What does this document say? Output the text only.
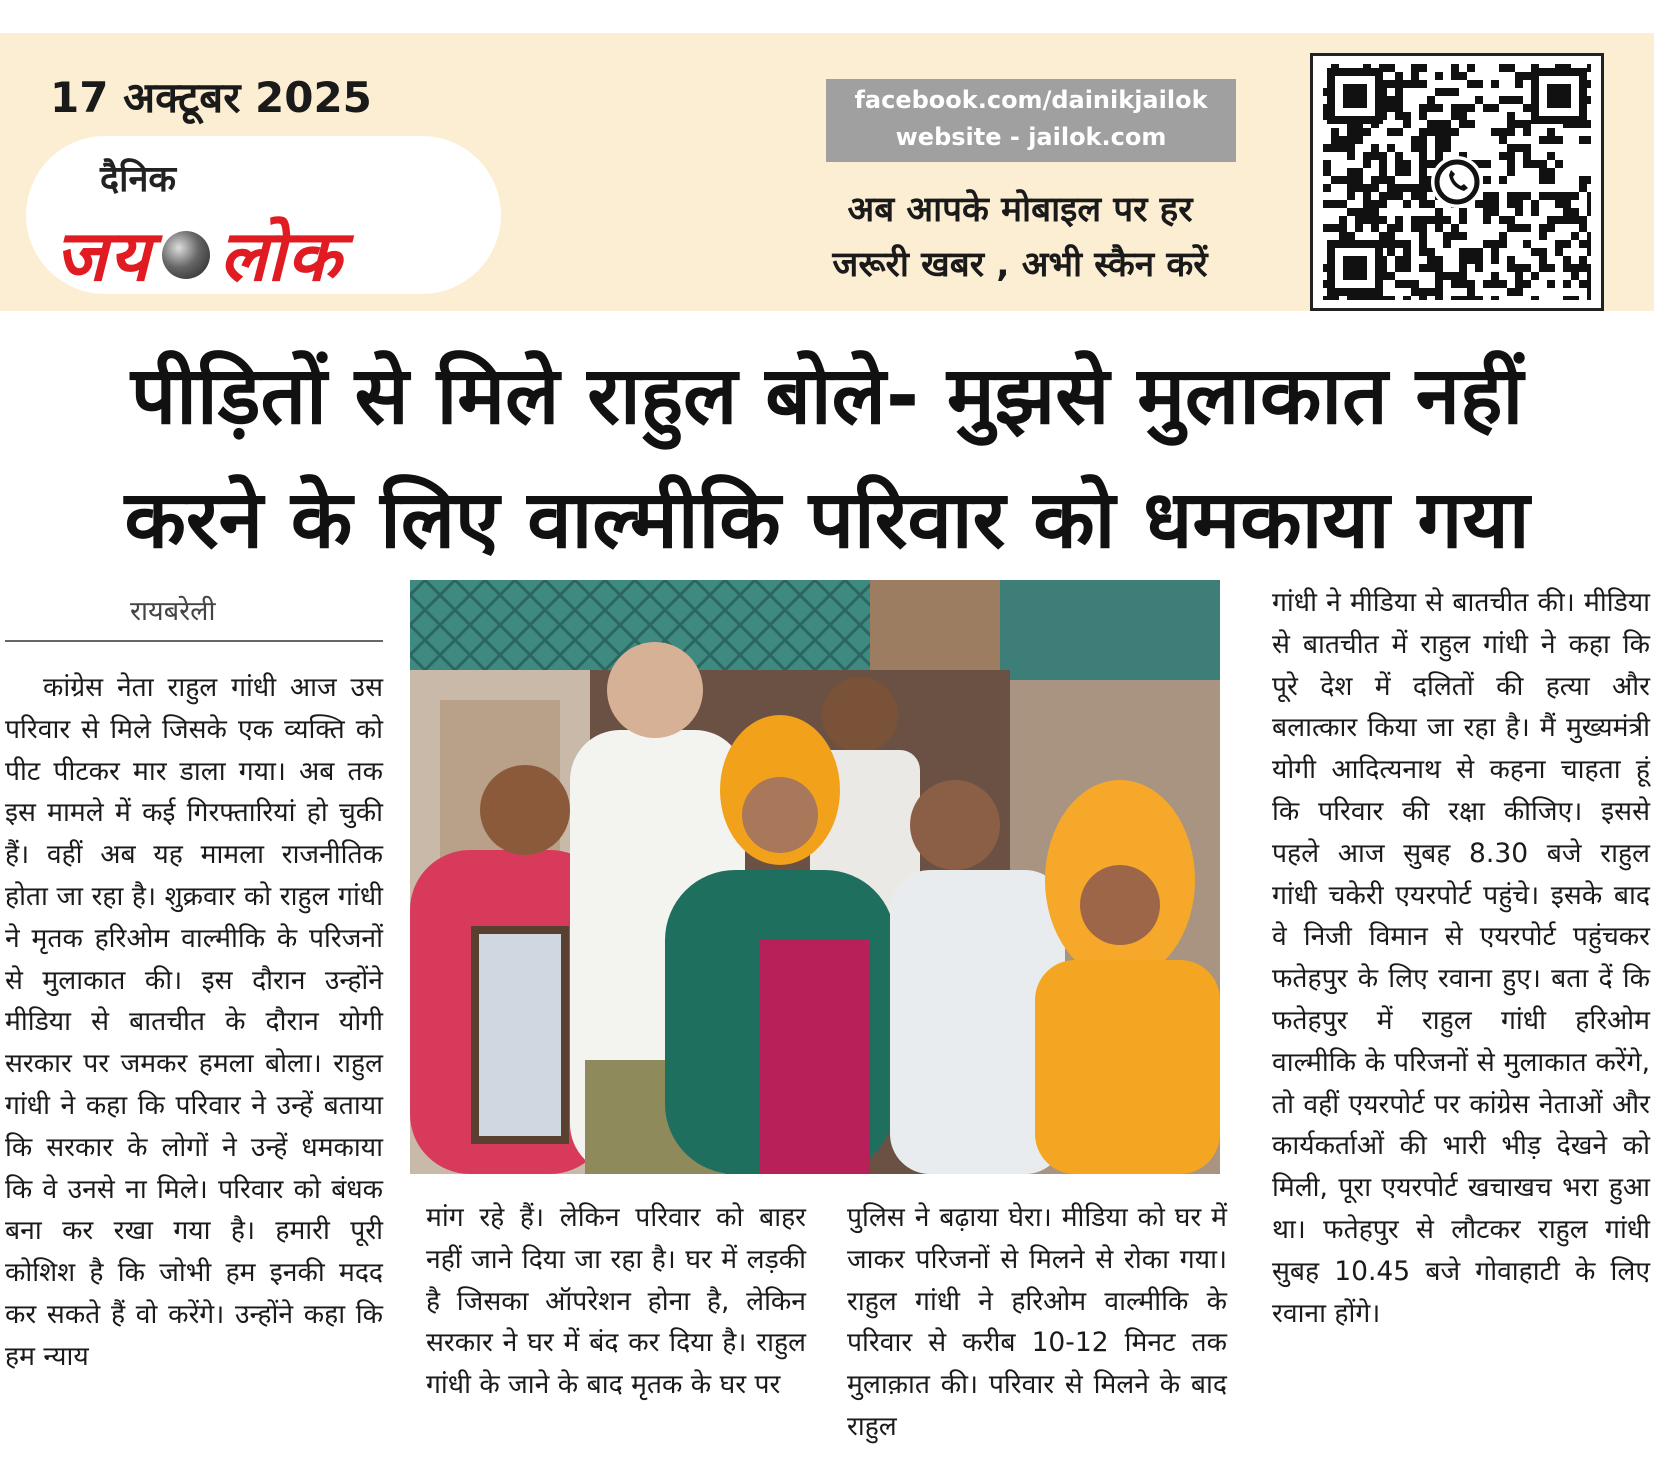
17 अक्टूबर 2025
दैनिक
जय लोक
facebook.com/dainikjailok
website - jailok.com
अब आपके मोबाइल पर हर
जरूरी खबर , अभी स्कैन करें
पीड़ितों से मिले राहुल बोले- मुझसे मुलाकात नहीं
करने के लिए वाल्मीकि परिवार को धमकाया गया
रायबरेली
कांग्रेस नेता राहुल गांधी आज उस परिवार से मिले जिसके एक व्यक्ति को पीट पीटकर मार डाला गया। अब तक इस मामले में कई गिरफ्तारियां हो चुकी हैं। वहीं अब यह मामला राजनीतिक होता जा रहा है। शुक्रवार को राहुल गांधी ने मृतक हरिओम वाल्मीकि के परिजनों से मुलाकात की। इस दौरान उन्होंने मीडिया से बातचीत के दौरान योगी सरकार पर जमकर हमला बोला। राहुल गांधी ने कहा कि परिवार ने उन्हें बताया कि सरकार के लोगों ने उन्हें धमकाया कि वे उनसे ना मिले। परिवार को बंधक बना कर रखा गया है। हमारी पूरी कोशिश है कि जोभी हम इनकी मदद कर सकते हैं वो करेंगे। उन्होंने कहा कि हम न्याय
मांग रहे हैं। लेकिन परिवार को बाहर नहीं जाने दिया जा रहा है। घर में लड़की है जिसका ऑपरेशन होना है, लेकिन सरकार ने घर में बंद कर दिया है। राहुल गांधी के जाने के बाद मृतक के घर पर
पुलिस ने बढ़ाया घेरा। मीडिया को घर में जाकर परिजनों से मिलने से रोका गया। राहुल गांधी ने हरिओम वाल्मीकि के परिवार से करीब 10-12 मिनट तक मुलाक़ात की। परिवार से मिलने के बाद राहुल
गांधी ने मीडिया से बातचीत की। मीडिया से बातचीत में राहुल गांधी ने कहा कि पूरे देश में दलितों की हत्या और बलात्कार किया जा रहा है। मैं मुख्यमंत्री योगी आदित्यनाथ से कहना चाहता हूं कि परिवार की रक्षा कीजिए। इससे पहले आज सुबह 8.30 बजे राहुल गांधी चकेरी एयरपोर्ट पहुंचे। इसके बाद वे निजी विमान से एयरपोर्ट पहुंचकर फतेहपुर के लिए रवाना हुए। बता दें कि फतेहपुर में राहुल गांधी हरिओम वाल्मीकि के परिजनों से मुलाकात करेंगे, तो वहीं एयरपोर्ट पर कांग्रेस नेताओं और कार्यकर्ताओं की भारी भीड़ देखने को मिली, पूरा एयरपोर्ट खचाखच भरा हुआ था। फतेहपुर से लौटकर राहुल गांधी सुबह 10.45 बजे गोवाहाटी के लिए रवाना होंगे।
